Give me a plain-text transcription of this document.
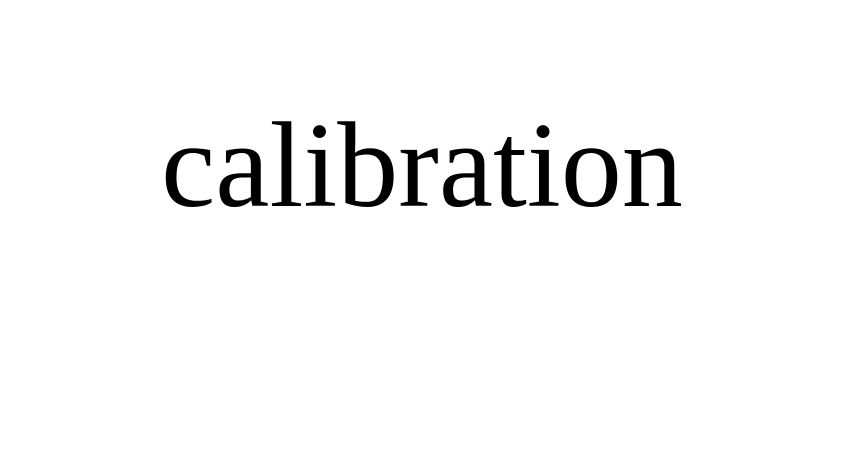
calibration
